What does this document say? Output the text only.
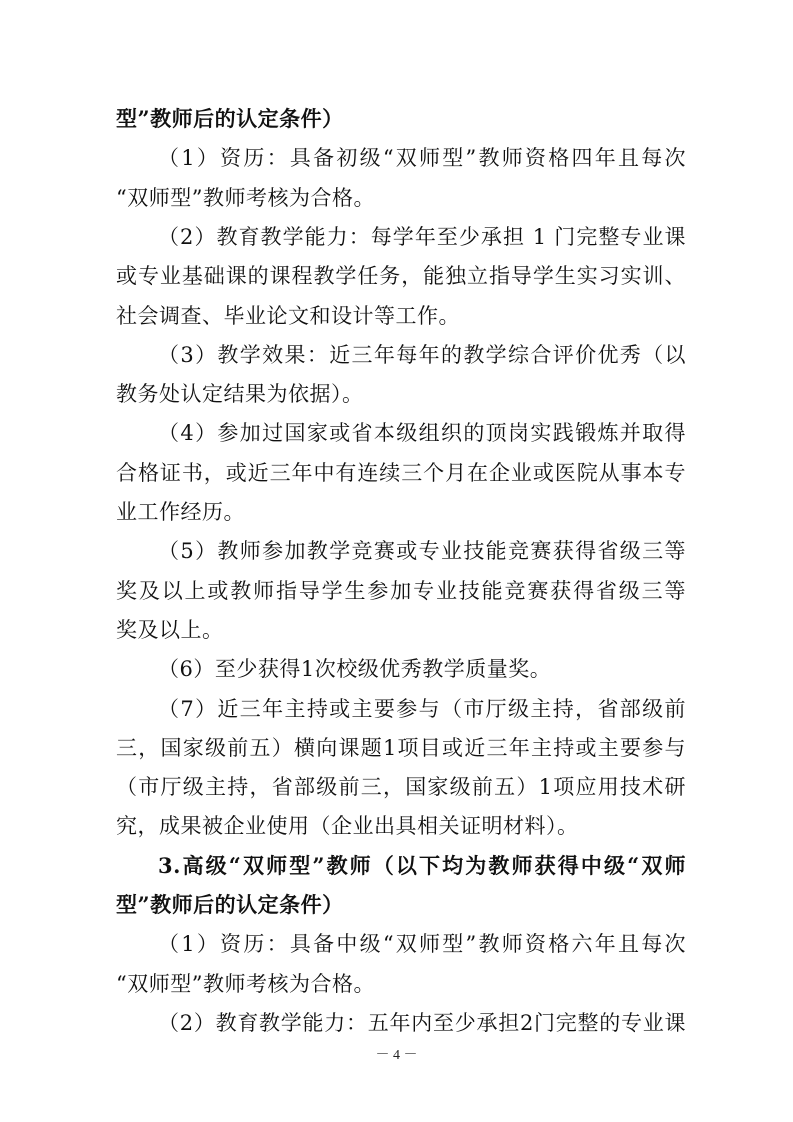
型”教师后的认定条件）
（1）资历：具备初级“双师型”教师资格四年且每次
“双师型”教师考核为合格。
（2）教育教学能力：每学年至少承担 1 门完整专业课
或专业基础课的课程教学任务，能独立指导学生实习实训、
社会调查、毕业论文和设计等工作。
（3）教学效果：近三年每年的教学综合评价优秀（以
教务处认定结果为依据）。
（4）参加过国家或省本级组织的顶岗实践锻炼并取得
合格证书，或近三年中有连续三个月在企业或医院从事本专
业工作经历。
（5）教师参加教学竞赛或专业技能竞赛获得省级三等
奖及以上或教师指导学生参加专业技能竞赛获得省级三等
奖及以上。
（6）至少获得1次校级优秀教学质量奖。
（7）近三年主持或主要参与（市厅级主持，省部级前
三，国家级前五）横向课题1项目或近三年主持或主要参与
（市厅级主持，省部级前三，国家级前五）1项应用技术研
究，成果被企业使用（企业出具相关证明材料）。
3.高级“双师型”教师（以下均为教师获得中级“双师
型”教师后的认定条件）
（1）资历：具备中级“双师型”教师资格六年且每次
“双师型”教师考核为合格。
（2）教育教学能力：五年内至少承担2门完整的专业课
－ 4 －
